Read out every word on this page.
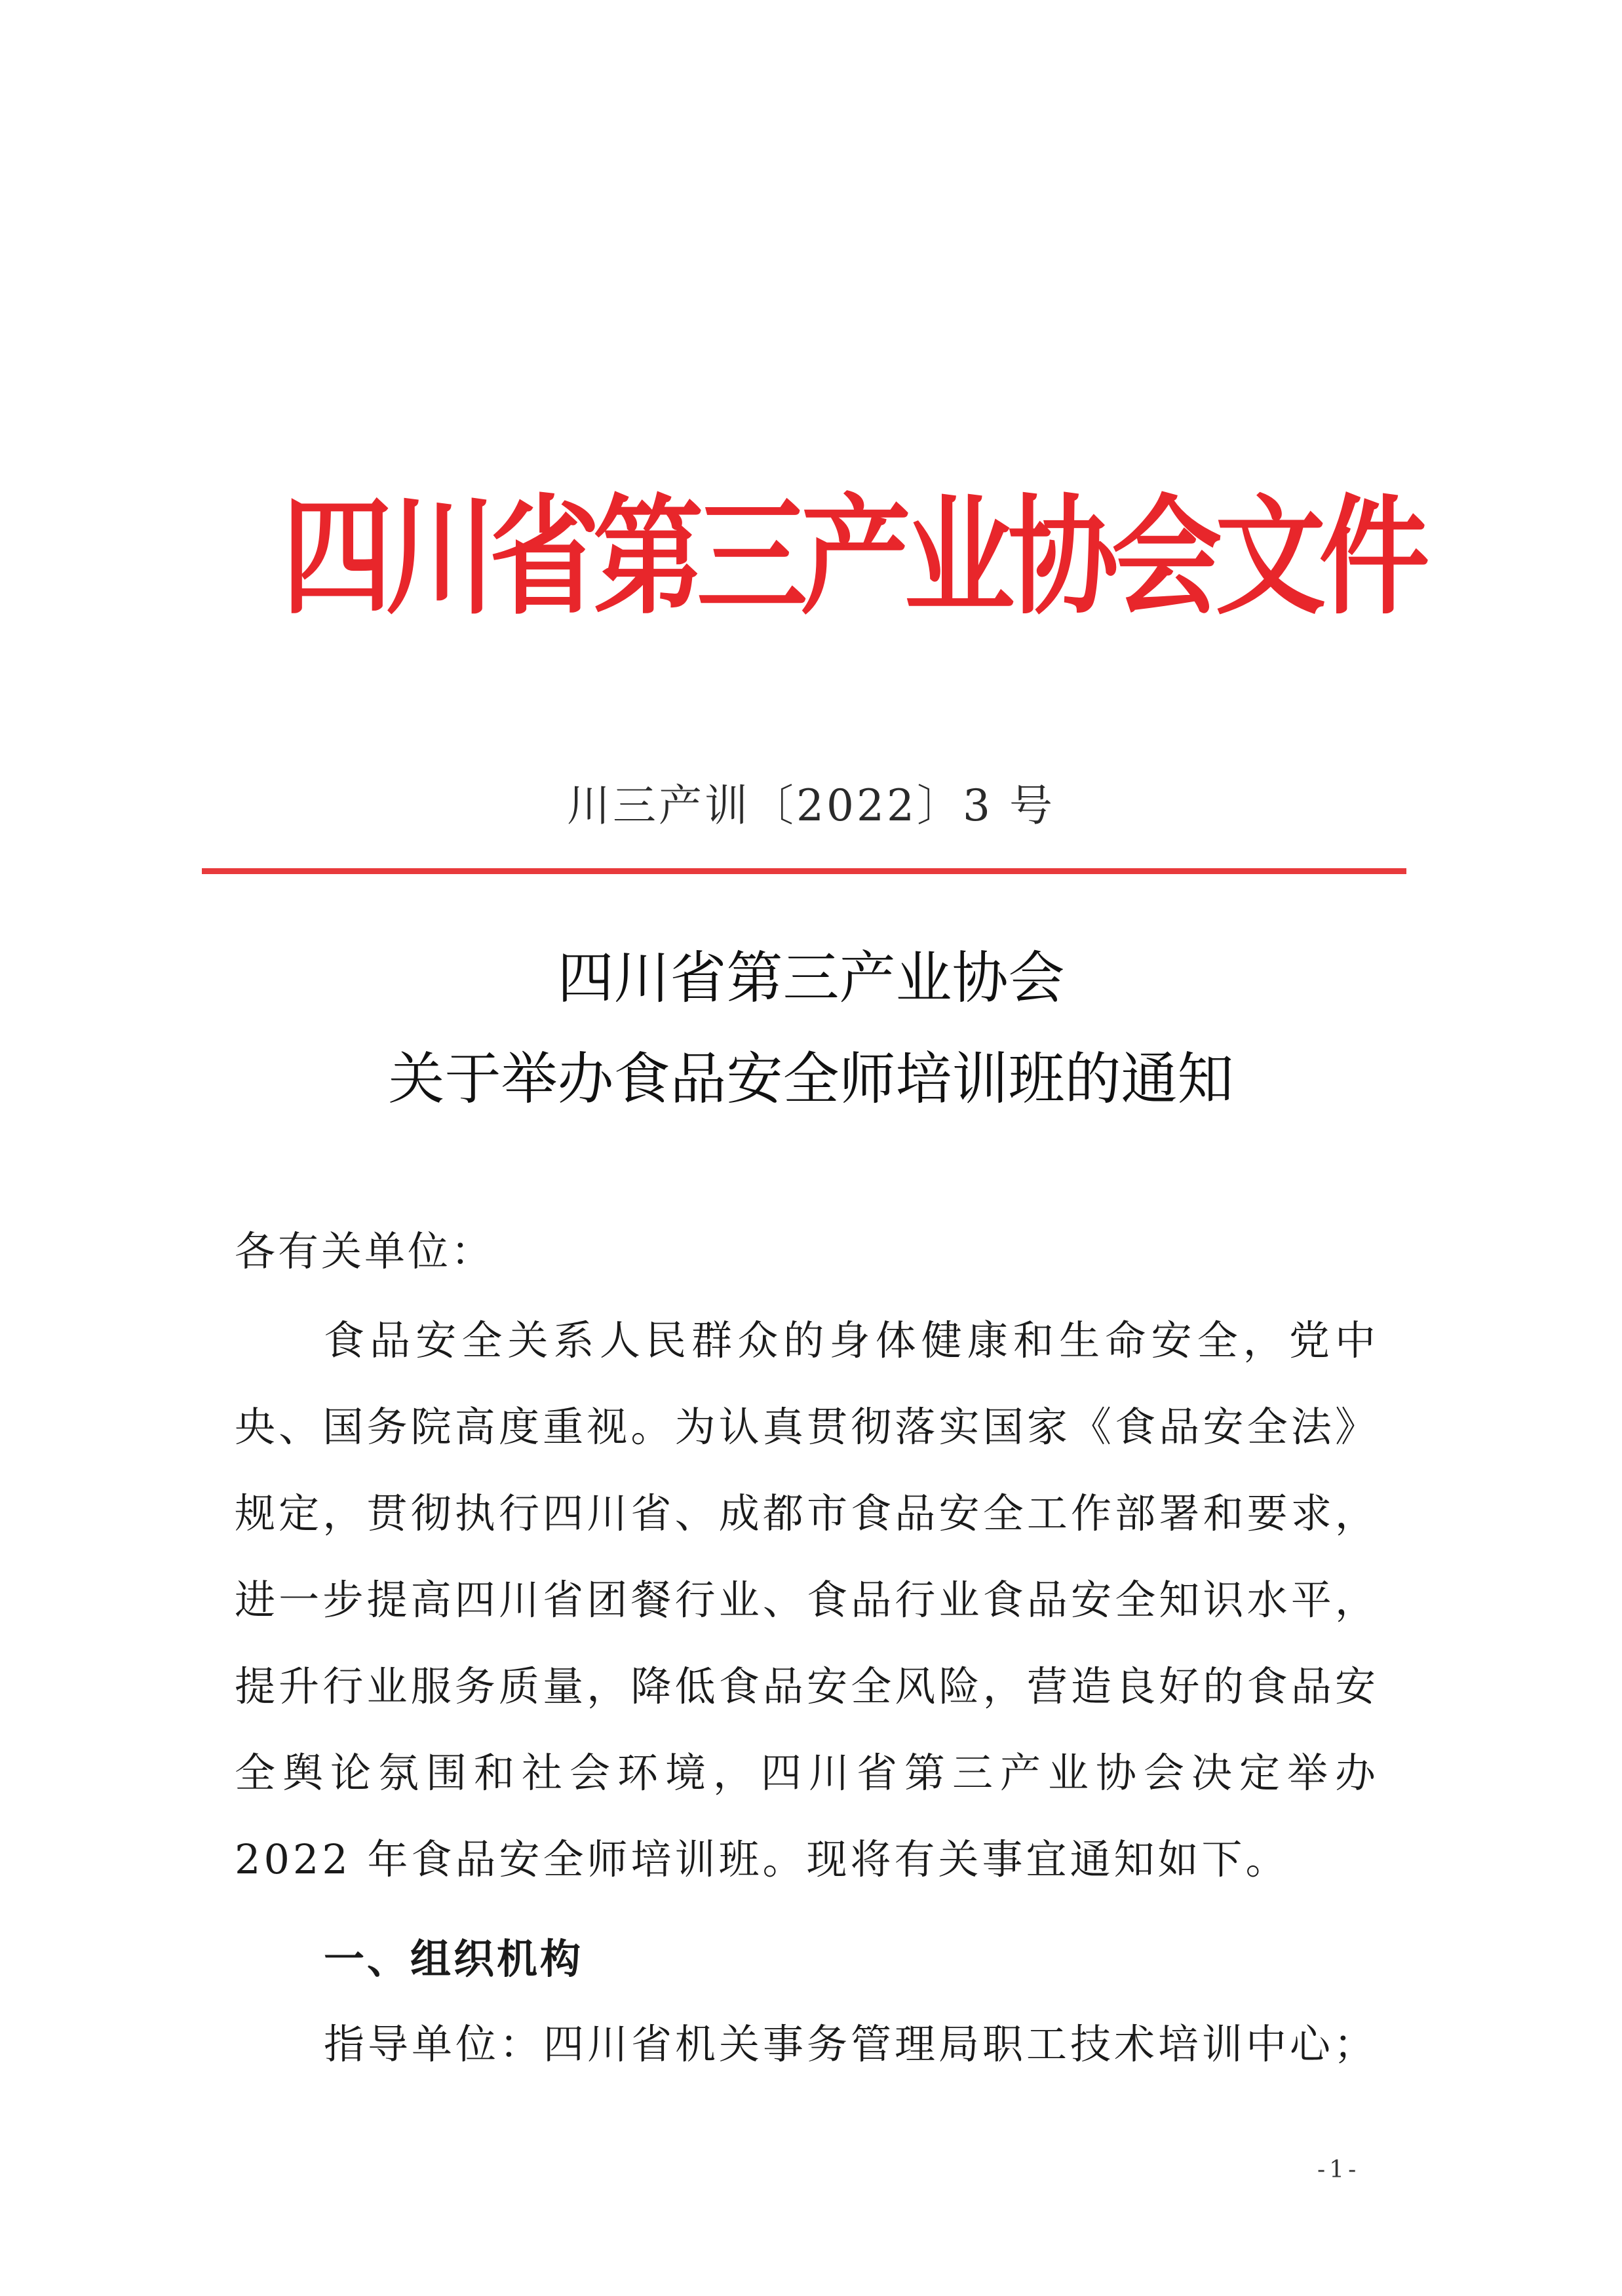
四川省第三产业协会文件
川三产训〔2022〕3 号
四川省第三产业协会
关于举办食品安全师培训班的通知
各有关单位：

食品安全关系人民群众的身体健康和生命安全，党中央、国务院高度重视。为认真贯彻落实国家《食品安全法》规定，贯彻执行四川省、成都市食品安全工作部署和要求，进一步提高四川省团餐行业、食品行业食品安全知识水平，提升行业服务质量，降低食品安全风险，营造良好的食品安全舆论氛围和社会环境，四川省第三产业协会决定举办 2022 年食品安全师培训班。现将有关事宜通知如下。

一、组织机构
指导单位：四川省机关事务管理局职工技术培训中心；
-1-
